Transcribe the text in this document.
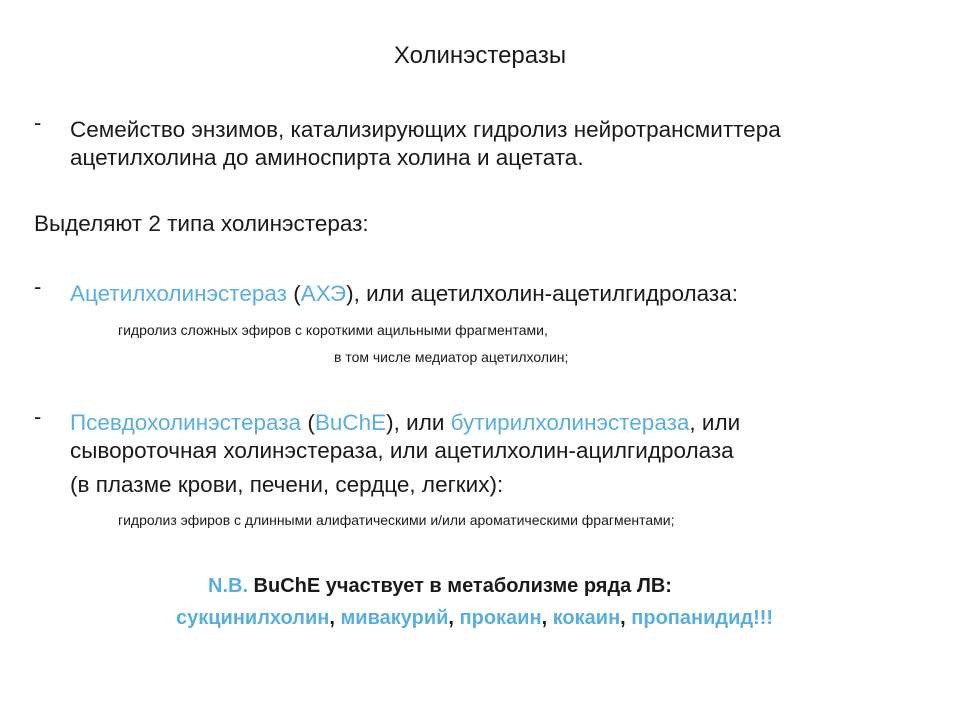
Холинэстеразы
- Семейство энзимов, катализирующих гидролиз нейротрансмиттера
ацетилхолина до аминоспирта холина и ацетата.
Выделяют 2 типа холинэстераз:
- Ацетилхолинэстераз (АХЭ), или ацетилхолин-ацетилгидролаза:
гидролиз сложных эфиров с короткими ацильными фрагментами,
в том числе медиатор ацетилхолин;
- Псевдохолинэстераза (BuChE), или бутирилхолинэстераза, или
сывороточная холинэстераза, или ацетилхолин-ацилгидролаза
(в плазме крови, печени, сердце, легких):
гидролиз эфиров с длинными алифатическими и/или ароматическими фрагментами;
N.B. BuChE участвует в метаболизме ряда ЛВ:
сукцинилхолин, мивакурий, прокаин, кокаин, пропанидид!!!
